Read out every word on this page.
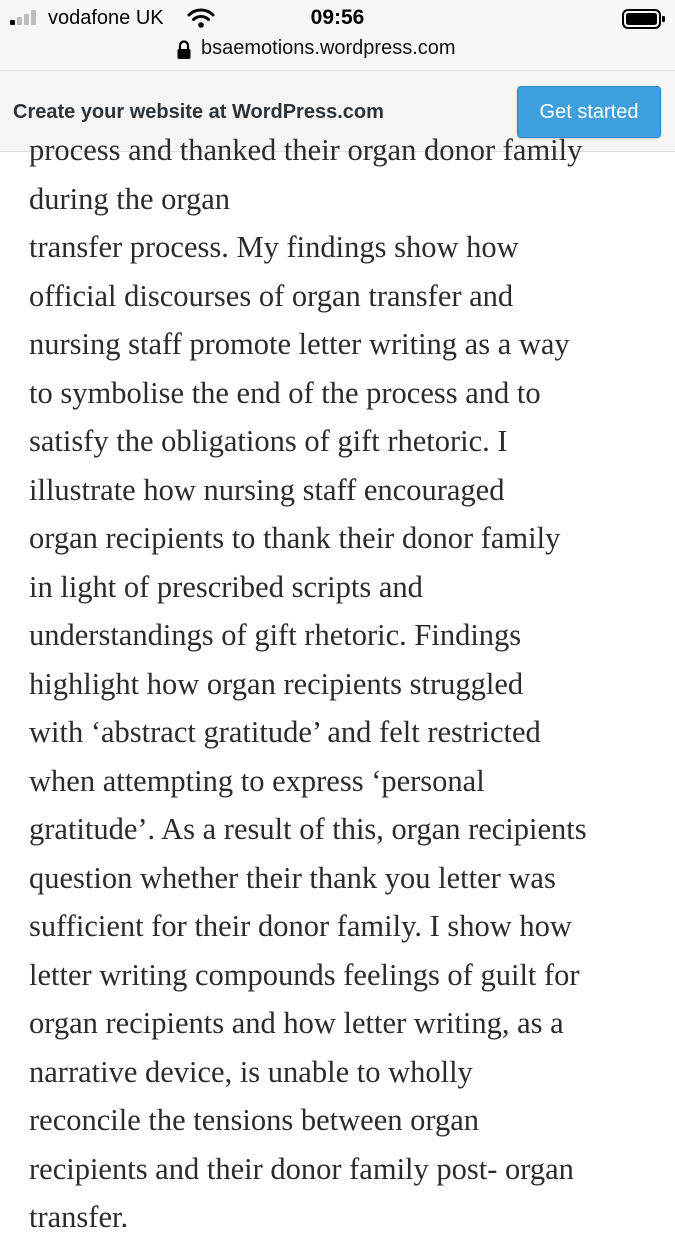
vodafone UK	09:56
bsaemotions.wordpress.com
Create your website at WordPress.com	Get started

process and thanked their organ donor family during the organ
transfer process. My findings show how
official discourses of organ transfer and
nursing staff promote letter writing as a way
to symbolise the end of the process and to
satisfy the obligations of gift rhetoric. I
illustrate how nursing staff encouraged
organ recipients to thank their donor family
in light of prescribed scripts and
understandings of gift rhetoric. Findings
highlight how organ recipients struggled
with ‘abstract gratitude’ and felt restricted
when attempting to express ‘personal
gratitude’. As a result of this, organ recipients
question whether their thank you letter was
sufficient for their donor family. I show how
letter writing compounds feelings of guilt for
organ recipients and how letter writing, as a
narrative device, is unable to wholly
reconcile the tensions between organ
recipients and their donor family post- organ
transfer.
